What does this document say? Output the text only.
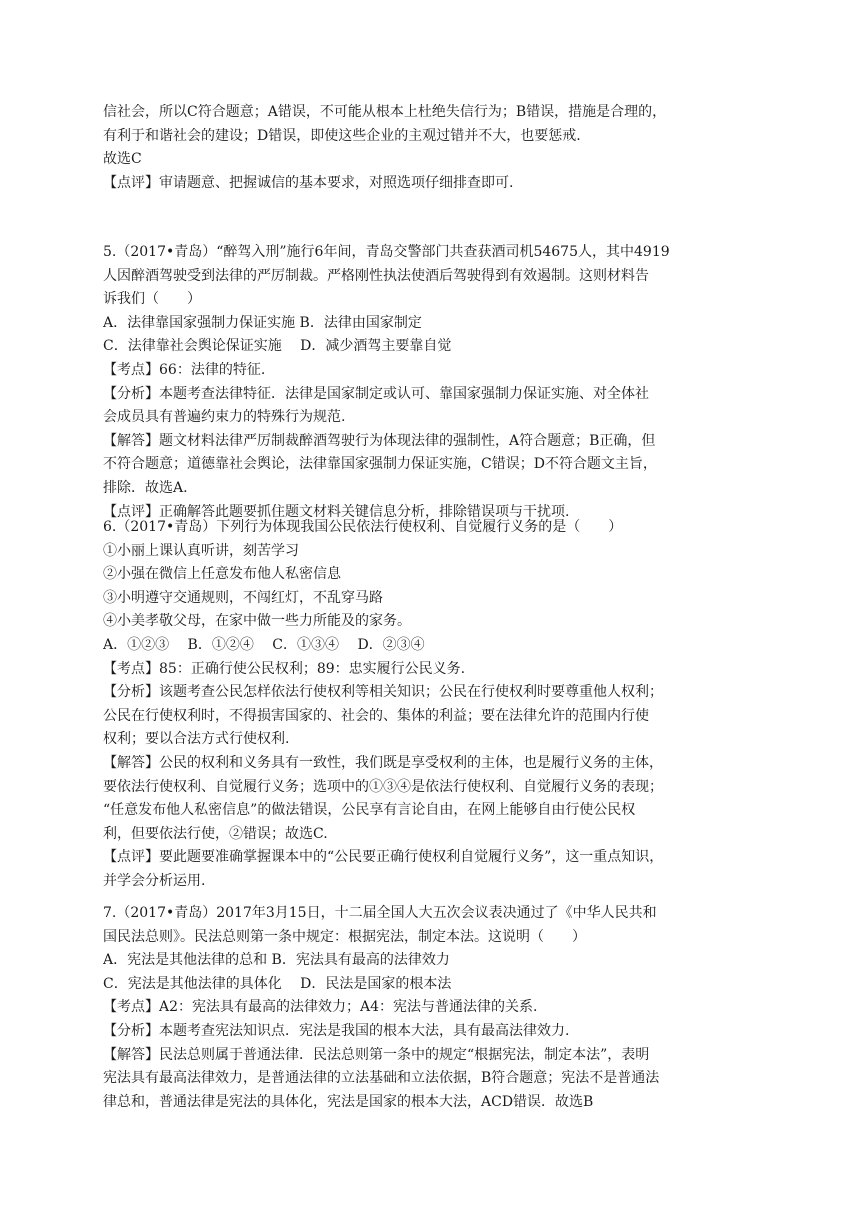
信社会，所以C符合题意；A错误，不可能从根本上杜绝失信行为；B错误，措施是合理的，
有利于和谐社会的建设；D错误，即使这些企业的主观过错并不大，也要惩戒.
故选C
【点评】审请题意、把握诚信的基本要求，对照选项仔细排查即可.
5.（2017•青岛）“醉驾入刑”施行6年间，青岛交警部门共查获酒司机54675人，其中4919
人因醉酒驾驶受到法律的严厉制裁。严格刚性执法使酒后驾驶得到有效遏制。这则材料告
诉我们（　　）
A．法律靠国家强制力保证实施 B．法律由国家制定
C．法律靠社会舆论保证实施　 D．减少酒驾主要靠自觉
【考点】66：法律的特征.
【分析】本题考查法律特征．法律是国家制定或认可、靠国家强制力保证实施、对全体社
会成员具有普遍约束力的特殊行为规范.
【解答】题文材料法律严厉制裁醉酒驾驶行为体现法律的强制性，A符合题意；B正确，但
不符合题意；道德靠社会舆论，法律靠国家强制力保证实施，C错误；D不符合题文主旨，
排除．故选A.
【点评】正确解答此题要抓住题文材料关键信息分析，排除错误项与干扰项.
6.（2017•青岛）下列行为体现我国公民依法行使权利、自觉履行义务的是（　　）
①小丽上课认真听讲，刻苦学习
②小强在微信上任意发布他人私密信息
③小明遵守交通规则，不闯红灯，不乱穿马路
④小美孝敬父母，在家中做一些力所能及的家务。
A．①②③　 B．①②④　 C．①③④　 D．②③④
【考点】85：正确行使公民权利；89：忠实履行公民义务.
【分析】该题考查公民怎样依法行使权利等相关知识；公民在行使权利时要尊重他人权利；
公民在行使权利时，不得损害国家的、社会的、集体的利益；要在法律允许的范围内行使
权利；要以合法方式行使权利.
【解答】公民的权利和义务具有一致性，我们既是享受权利的主体，也是履行义务的主体，
要依法行使权利、自觉履行义务；选项中的①③④是依法行使权利、自觉履行义务的表现；
“任意发布他人私密信息”的做法错误，公民享有言论自由，在网上能够自由行使公民权
利，但要依法行使，②错误；故选C.
【点评】要此题要准确掌握课本中的“公民要正确行使权利自觉履行义务”，这一重点知识，
并学会分析运用.
7.（2017•青岛）2017年3月15日，十二届全国人大五次会议表决通过了《中华人民共和
国民法总则》。民法总则第一条中规定：根据宪法，制定本法。这说明（　　）
A．宪法是其他法律的总和 B．宪法具有最高的法律效力
C．宪法是其他法律的具体化　 D．民法是国家的根本法
【考点】A2：宪法具有最高的法律效力；A4：宪法与普通法律的关系.
【分析】本题考查宪法知识点．宪法是我国的根本大法，具有最高法律效力.
【解答】民法总则属于普通法律．民法总则第一条中的规定“根据宪法，制定本法”，表明
宪法具有最高法律效力，是普通法律的立法基础和立法依据，B符合题意；宪法不是普通法
律总和，普通法律是宪法的具体化，宪法是国家的根本大法，ACD错误．故选B
